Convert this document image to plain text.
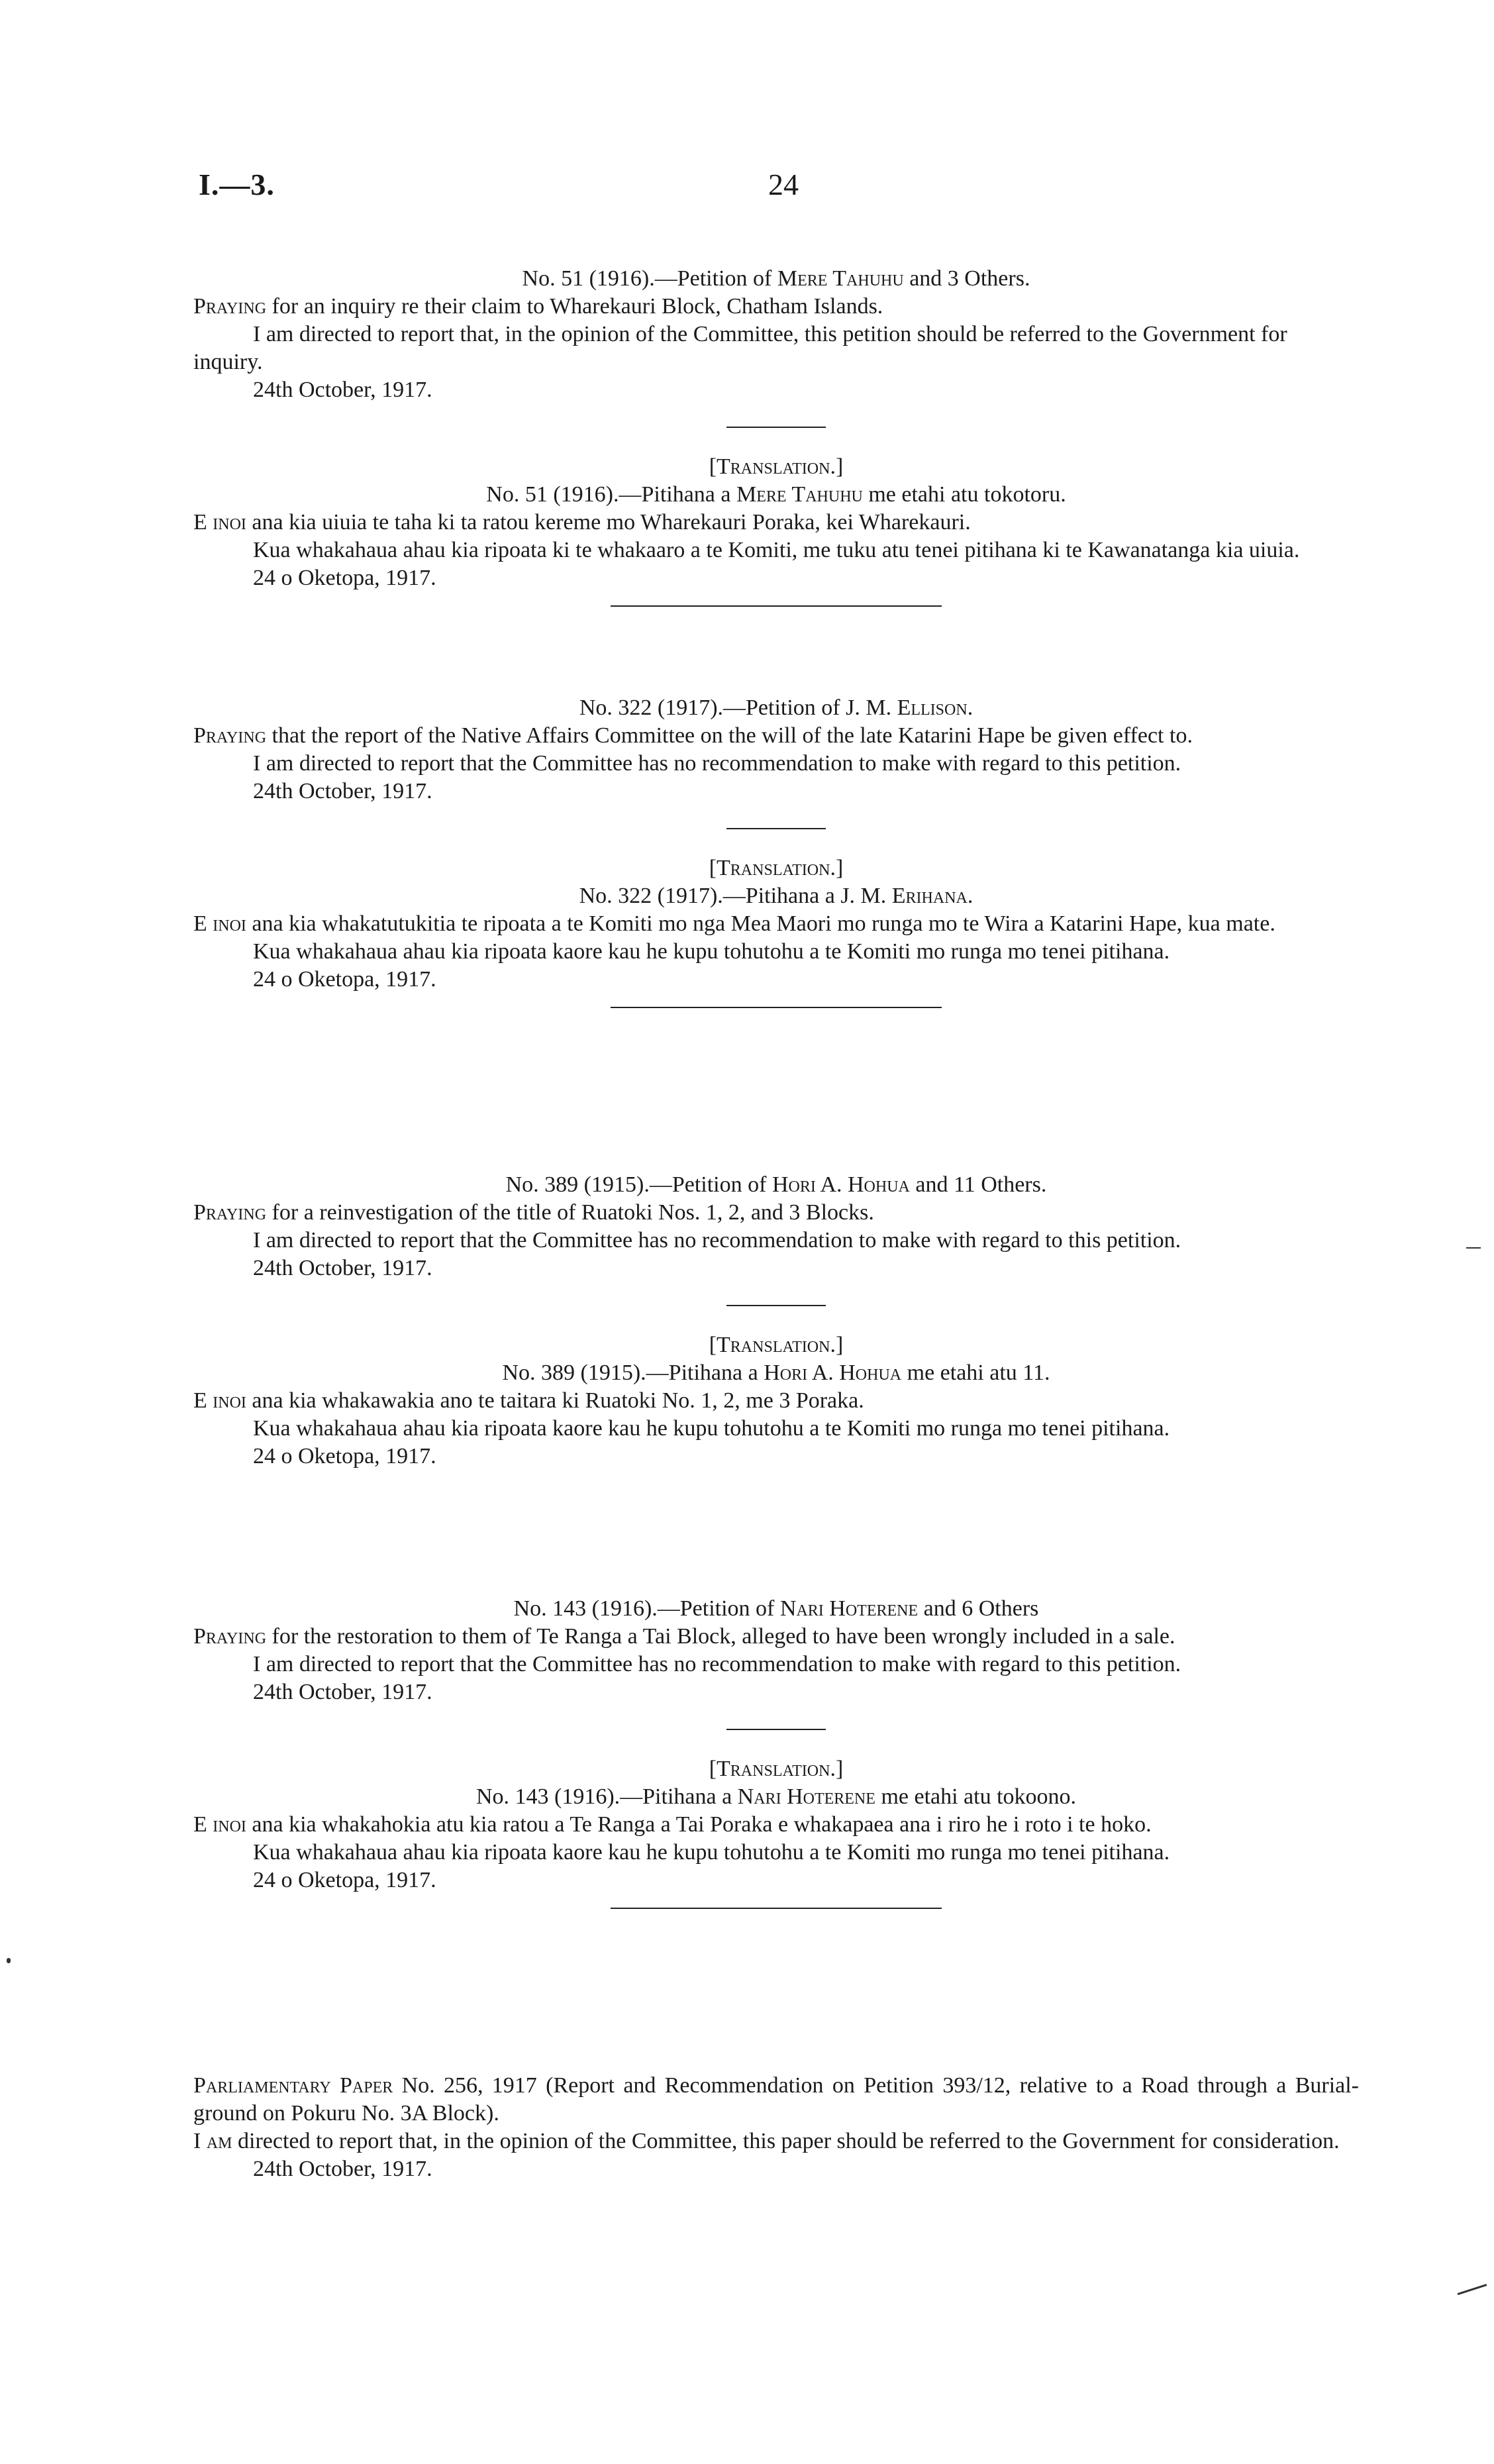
I.—3.	24

No. 51 (1916).—Petition of Mere Tahuhu and 3 Others.

Praying for an inquiry re their claim to Wharekauri Block, Chatham Islands.

I am directed to report that, in the opinion of the Committee, this petition should be referred to the Government for inquiry.

24th October, 1917.

[Translation.]

No. 51 (1916).—Pitihana a Mere Tahuhu me etahi atu tokotoru.

E inoi ana kia uiuia te taha ki ta ratou kereme mo Wharekauri Poraka, kei Wharekauri.

Kua whakahaua ahau kia ripoata ki te whakaaro a te Komiti, me tuku atu tenei pitihana ki te Kawanatanga kia uiuia.

24 o Oketopa, 1917.

No. 322 (1917).—Petition of J. M. Ellison.

Praying that the report of the Native Affairs Committee on the will of the late Katarini Hape be given effect to.

I am directed to report that the Committee has no recommendation to make with regard to this petition.

24th October, 1917.

[Translation.]

No. 322 (1917).—Pitihana a J. M. Erihana.

E inoi ana kia whakatutukitia te ripoata a te Komiti mo nga Mea Maori mo runga mo te Wira a Katarini Hape, kua mate.

Kua whakahaua ahau kia ripoata kaore kau he kupu tohutohu a te Komiti mo runga mo tenei pitihana.

24 o Oketopa, 1917.

No. 389 (1915).—Petition of Hori A. Hohua and 11 Others.

Praying for a reinvestigation of the title of Ruatoki Nos. 1, 2, and 3 Blocks.

I am directed to report that the Committee has no recommendation to make with regard to this petition.

24th October, 1917.

[Translation.]

No. 389 (1915).—Pitihana a Hori A. Hohua me etahi atu 11.

E inoi ana kia whakawakia ano te taitara ki Ruatoki No. 1, 2, me 3 Poraka.

Kua whakahaua ahau kia ripoata kaore kau he kupu tohutohu a te Komiti mo runga mo tenei pitihana.

24 o Oketopa, 1917.

No. 143 (1916).—Petition of Nari Hoterene and 6 Others

Praying for the restoration to them of Te Ranga a Tai Block, alleged to have been wrongly included in a sale.

I am directed to report that the Committee has no recommendation to make with regard to this petition.

24th October, 1917.

[Translation.]

No. 143 (1916).—Pitihana a Nari Hoterene me etahi atu tokoono.

E inoi ana kia whakahokia atu kia ratou a Te Ranga a Tai Poraka e whakapaea ana i riro he i roto i te hoko.

Kua whakahaua ahau kia ripoata kaore kau he kupu tohutohu a te Komiti mo runga mo tenei pitihana.

24 o Oketopa, 1917.

Parliamentary Paper No. 256, 1917 (Report and Recommendation on Petition 393/12, relative to a Road through a Burial-ground on Pokuru No. 3A Block).

I am directed to report that, in the opinion of the Committee, this paper should be referred to the Government for consideration.

24th October, 1917.
